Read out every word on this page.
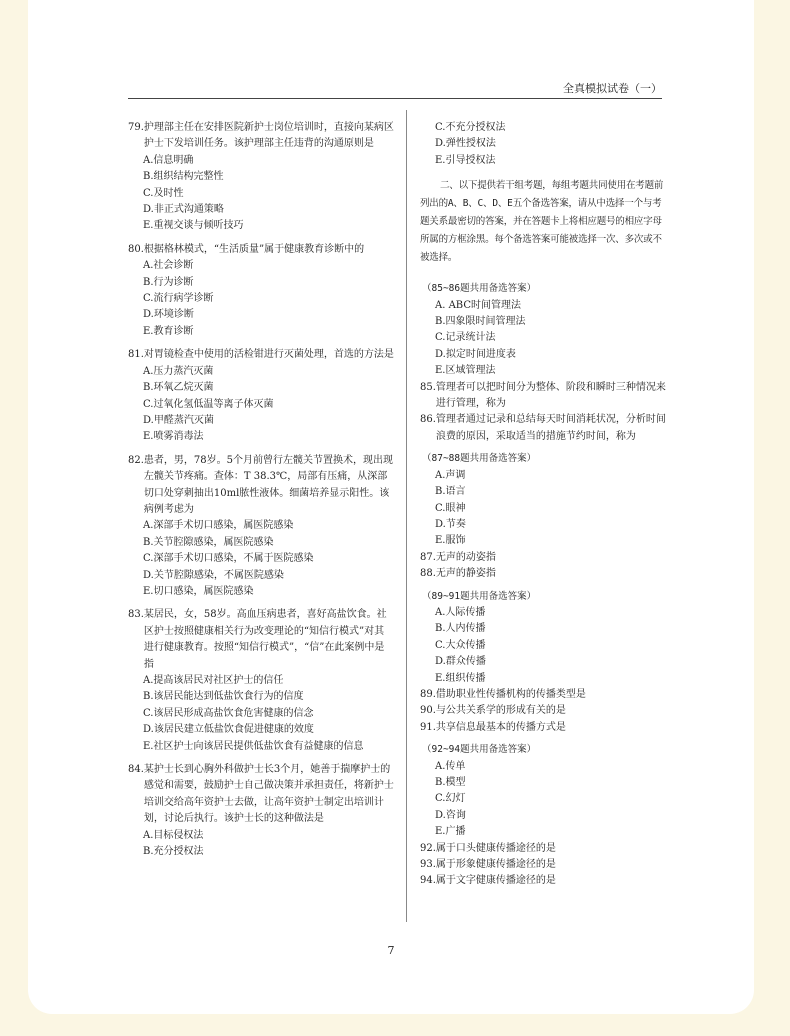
全真模拟试卷（一）
79. 护理部主任在安排医院新护士岗位培训时，直接向某病区护士下发培训任务。该护理部主任违背的沟通原则是
A.信息明确
B.组织结构完整性
C.及时性
D.非正式沟通策略
E.重视交谈与倾听技巧
80. 根据格林模式，“生活质量”属于健康教育诊断中的
A.社会诊断
B.行为诊断
C.流行病学诊断
D.环境诊断
E.教育诊断
81. 对胃镜检查中使用的活检钳进行灭菌处理，首选的方法是
A.压力蒸汽灭菌
B.环氧乙烷灭菌
C.过氧化氢低温等离子体灭菌
D.甲醛蒸汽灭菌
E.喷雾消毒法
82. 患者，男，78岁。5个月前曾行左髋关节置换术，现出现左髋关节疼痛。查体：T 38.3℃，局部有压痛，从深部切口处穿刺抽出10ml脓性液体。细菌培养显示阳性。该病例考虑为
A.深部手术切口感染，属医院感染
B.关节腔隙感染，属医院感染
C.深部手术切口感染，不属于医院感染
D.关节腔隙感染，不属医院感染
E.切口感染，属医院感染
83. 某居民，女，58岁。高血压病患者，喜好高盐饮食。社区护士按照健康相关行为改变理论的“知信行模式”对其进行健康教育。按照“知信行模式”，“信”在此案例中是指
A.提高该居民对社区护士的信任
B.该居民能达到低盐饮食行为的信度
C.该居民形成高盐饮食危害健康的信念
D.该居民建立低盐饮食促进健康的效度
E.社区护士向该居民提供低盐饮食有益健康的信息
84. 某护士长到心胸外科做护士长3个月，她善于揣摩护士的感觉和需要，鼓励护士自己做决策并承担责任，将新护士培训交给高年资护士去做，让高年资护士制定出培训计划，讨论后执行。该护士长的这种做法是
A.目标侵权法
B.充分授权法
C.不充分授权法
D.弹性授权法
E.引导授权法
二、以下提供若干组考题，每组考题共同使用在考题前列出的A、B、C、D、E五个备选答案，请从中选择一个与考题关系最密切的答案，并在答题卡上将相应题号的相应字母所属的方框涂黑。每个备选答案可能被选择一次、多次或不被选择。
（85~86题共用备选答案）
A. ABC时间管理法
B.四象限时间管理法
C.记录统计法
D.拟定时间进度表
E.区域管理法
85. 管理者可以把时间分为整体、阶段和瞬时三种情况来进行管理，称为
86. 管理者通过记录和总结每天时间消耗状况，分析时间浪费的原因，采取适当的措施节约时间，称为
（87~88题共用备选答案）
A.声调
B.语言
C.眼神
D.节奏
E.服饰
87. 无声的动姿指
88. 无声的静姿指
（89~91题共用备选答案）
A.人际传播
B.人内传播
C.大众传播
D.群众传播
E.组织传播
89. 借助职业性传播机构的传播类型是
90. 与公共关系学的形成有关的是
91. 共享信息最基本的传播方式是
（92~94题共用备选答案）
A.传单
B.模型
C.幻灯
D.咨询
E.广播
92. 属于口头健康传播途径的是
93. 属于形象健康传播途径的是
94. 属于文字健康传播途径的是
7
